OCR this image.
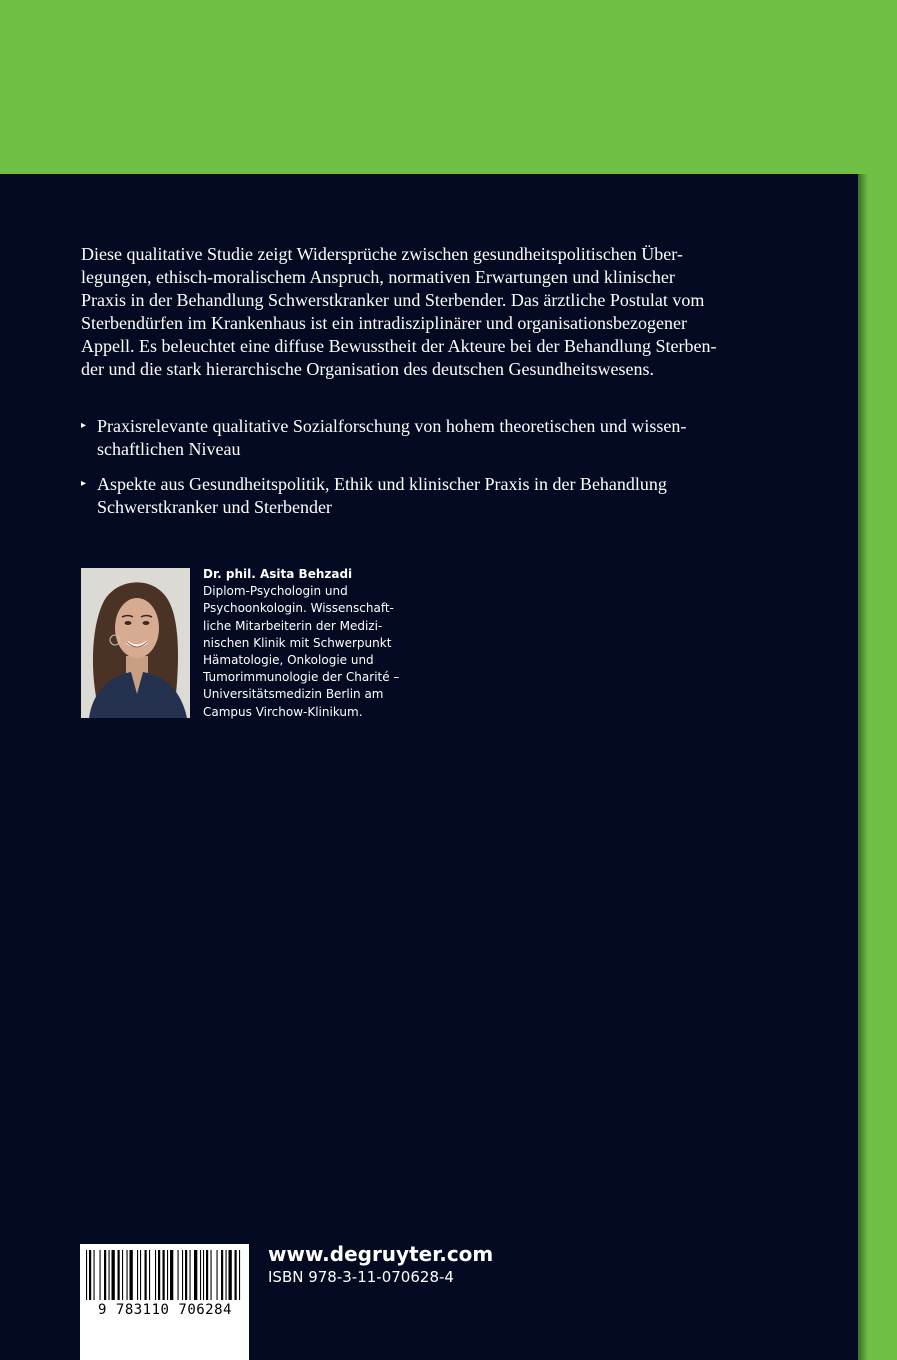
Diese qualitative Studie zeigt Widersprüche zwischen gesundheitspolitischen Über-
legungen, ethisch-moralischem Anspruch, normativen Erwartungen und klinischer
Praxis in der Behandlung Schwerstkranker und Sterbender. Das ärztliche Postulat vom
Sterbendürfen im Krankenhaus ist ein intradisziplinärer und organisationsbezogener
Appell. Es beleuchtet eine diffuse Bewusstheit der Akteure bei der Behandlung Sterben-
der und die stark hierarchische Organisation des deutschen Gesundheitswesens.

▸ Praxisrelevante qualitative Sozialforschung von hohem theoretischen und wissen-
schaftlichen Niveau
▸ Aspekte aus Gesundheitspolitik, Ethik und klinischer Praxis in der Behandlung
Schwerstkranker und Sterbender
Dr. phil. Asita Behzadi
Diplom-Psychologin und
Psychoonkologin. Wissenschaft-
liche Mitarbeiterin der Medizi-
nischen Klinik mit Schwerpunkt
Hämatologie, Onkologie und
Tumorimmunologie der Charité –
Universitätsmedizin Berlin am
Campus Virchow-Klinikum.
9 783110 706284
www.degruyter.com
ISBN 978-3-11-070628-4
